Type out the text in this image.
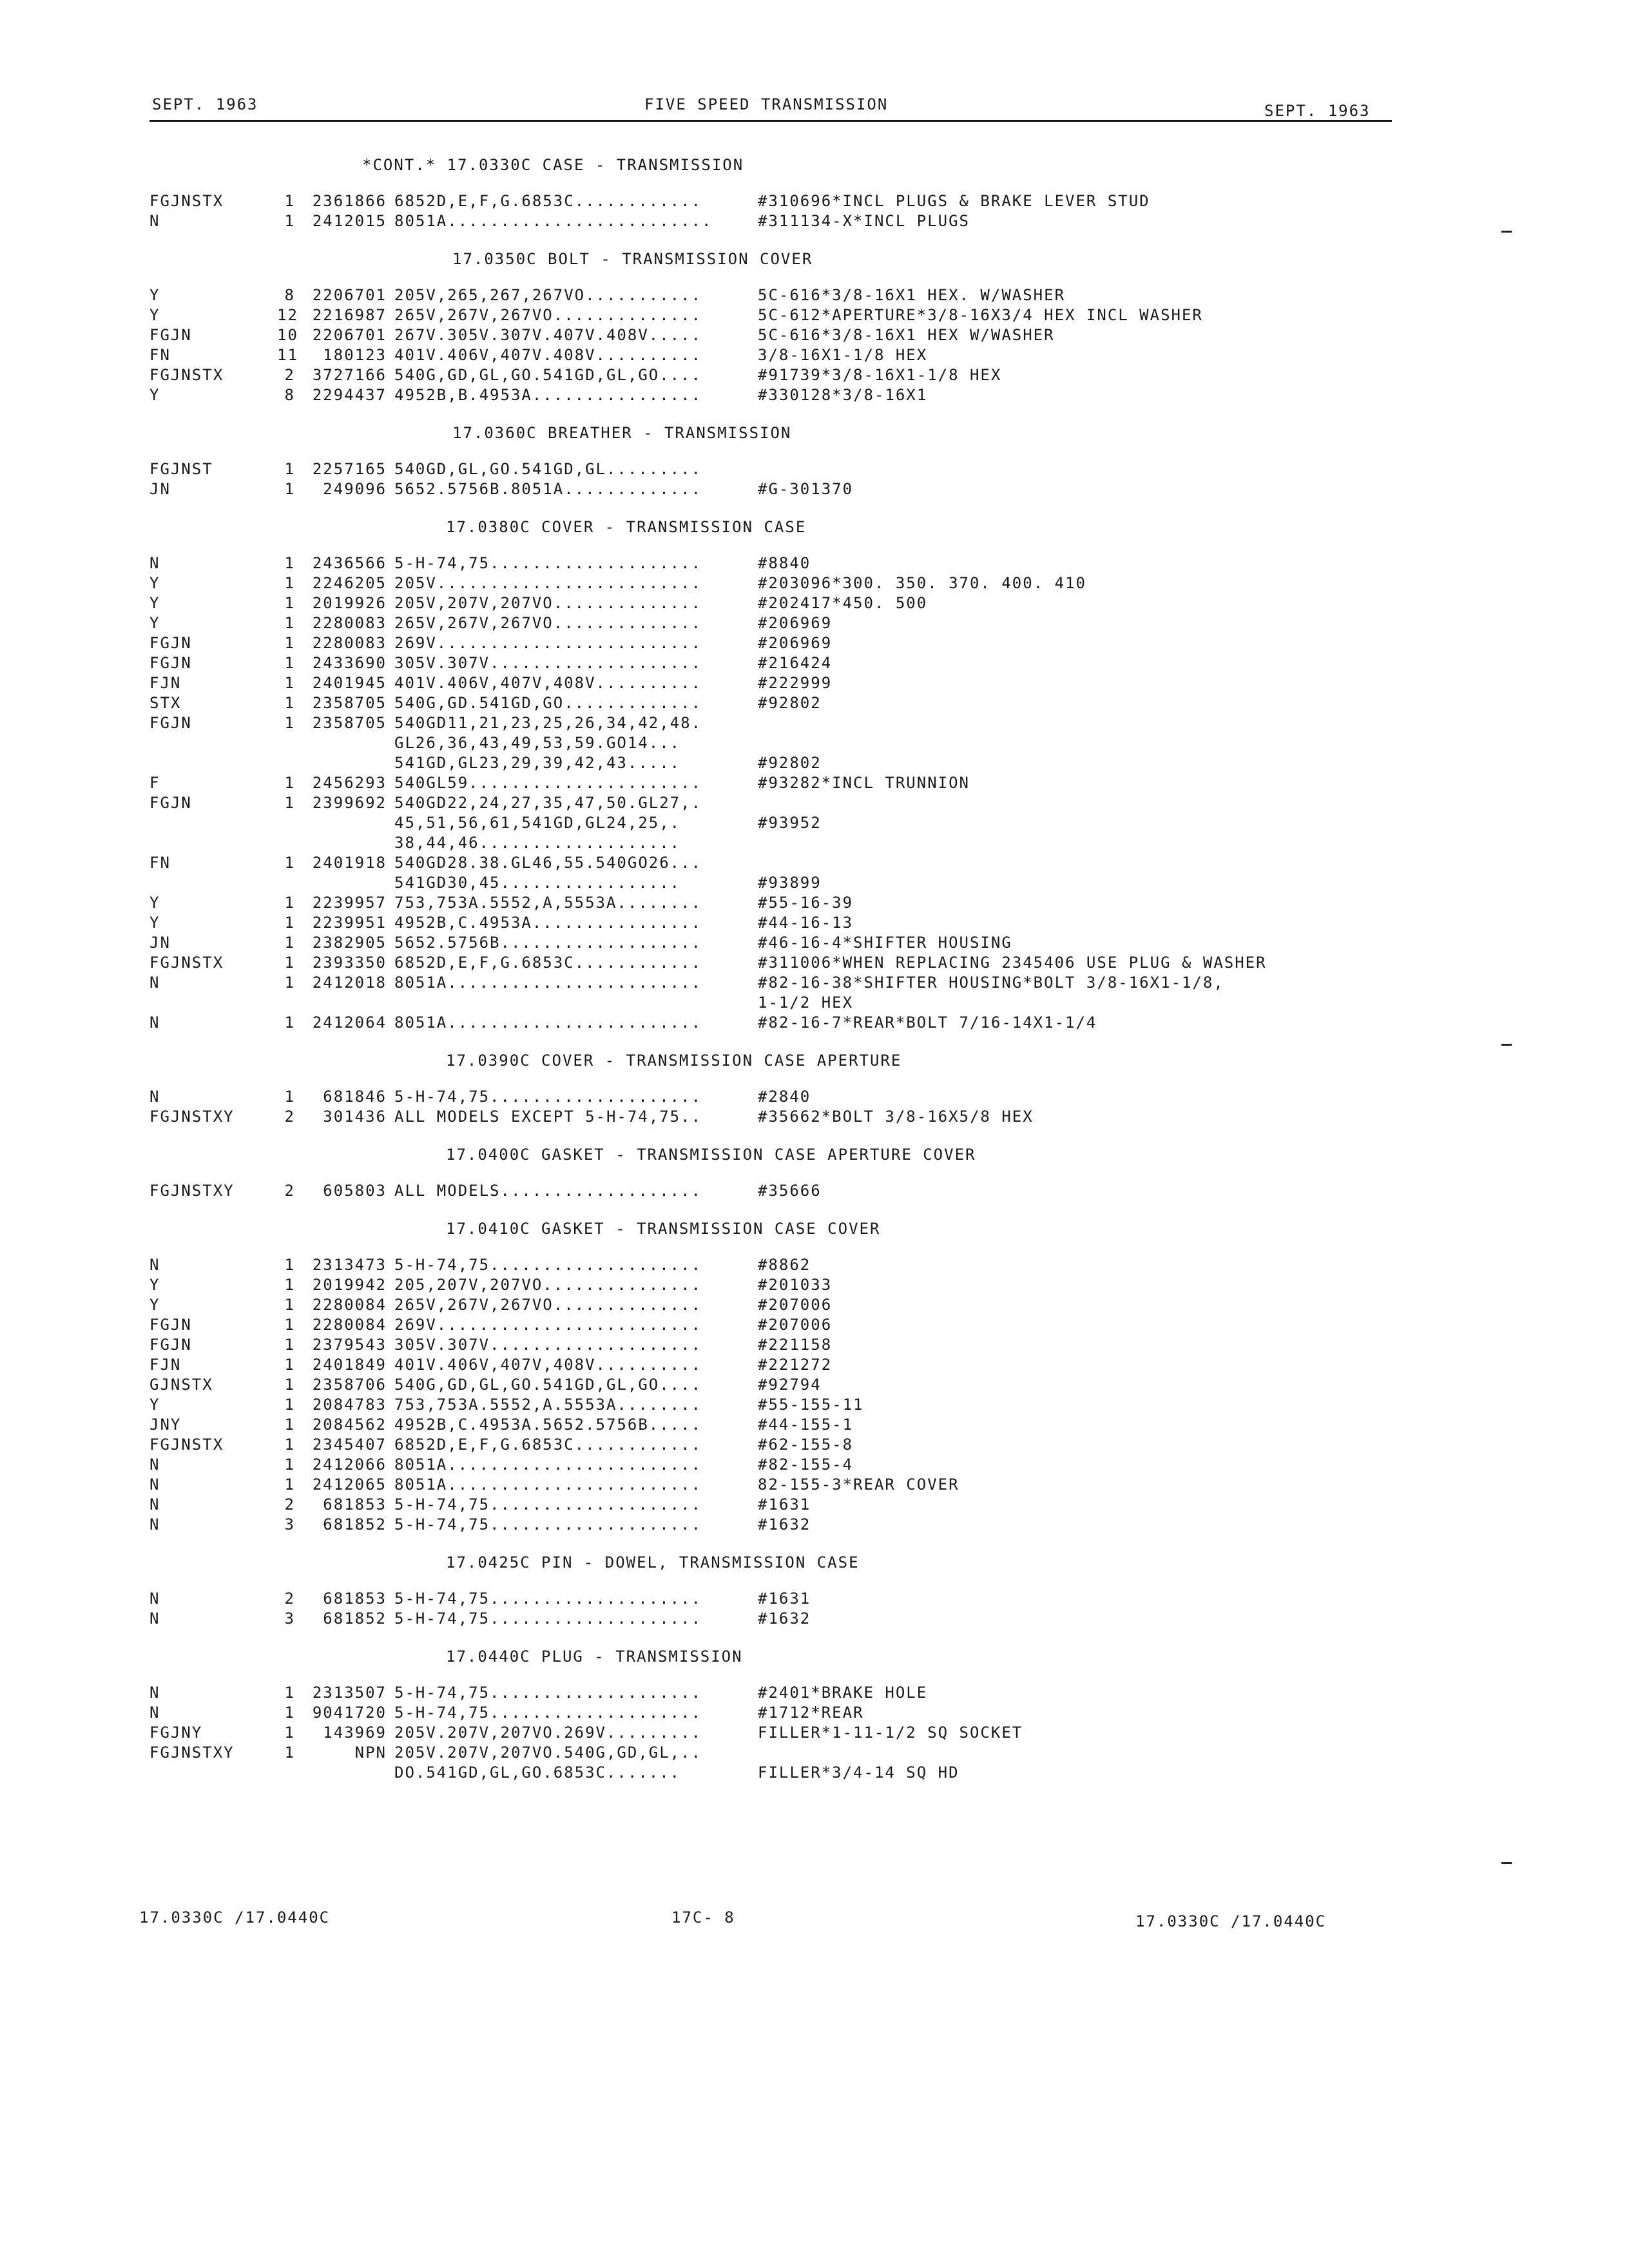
SEPT. 1963	FIVE SPEED TRANSMISSION	SEPT. 1963
*CONT.* 17.0330C CASE - TRANSMISSION
FGJNSTX	1	2361866 6852D,E,F,G.6853C............	#310696*INCL PLUGS & BRAKE LEVER STUD
N	1	2412015 8051A.........................	#311134-X*INCL PLUGS
17.0350C BOLT - TRANSMISSION COVER
Y	8	2206701 205V,265,267,267VO...........	5C-616*3/8-16X1 HEX. W/WASHER
Y	12 2216987 265V,267V,267VO..............	5C-612*APERTURE*3/8-16X3/4 HEX INCL WASHER
FGJN	10 2206701 267V.305V.307V.407V.408V.....	5C-616*3/8-16X1 HEX W/WASHER
FN	11	180123 401V.406V,407V.408V..........	3/8-16X1-1/8 HEX
FGJNSTX	2	3727166 540G,GD,GL,GO.541GD,GL,GO....	#91739*3/8-16X1-1/8 HEX
Y	8	2294437 4952B,B.4953A................	#330128*3/8-16X1
17.0360C BREATHER - TRANSMISSION
FGJNST	1	2257165 540GD,GL,GO.541GD,GL.........
JN	1	249096 5652.5756B.8051A.............	#G-301370
17.0380C COVER - TRANSMISSION CASE
N	1	2436566 5-H-74,75....................	#8840
Y	1	2246205 205V.........................	#203096*300. 350. 370. 400. 410
Y	1	2019926 205V,207V,207VO..............	#202417*450. 500
Y	1	2280083 265V,267V,267VO..............	#206969
FGJN	1	2280083 269V.........................	#206969
FGJN	1	2433690 305V.307V....................	#216424
FJN	1	2401945 401V.406V,407V,408V..........	#222999
STX	1	2358705 540G,GD.541GD,GO.............	#92802
FGJN	1	2358705 540GD11,21,23,25,26,34,42,48.
GL26,36,43,49,53,59.GO14...
541GD,GL23,29,39,42,43.....	#92802
F	1	2456293 540GL59......................	#93282*INCL TRUNNION
FGJN	1	2399692 540GD22,24,27,35,47,50.GL27,.
45,51,56,61,541GD,GL24,25,.	#93952
38,44,46...................
FN	1	2401918 540GD28.38.GL46,55.540GO26...
541GD30,45.................	#93899
Y	1	2239957 753,753A.5552,A,5553A........	#55-16-39
Y	1	2239951 4952B,C.4953A................	#44-16-13
JN	1	2382905 5652.5756B...................	#46-16-4*SHIFTER HOUSING
FGJNSTX	1	2393350 6852D,E,F,G.6853C............	#311006*WHEN REPLACING 2345406 USE PLUG & WASHER
N	1	2412018 8051A........................	#82-16-38*SHIFTER HOUSING*BOLT 3/8-16X1-1/8,
1-1/2 HEX
N	1	2412064 8051A........................	#82-16-7*REAR*BOLT 7/16-14X1-1/4
17.0390C COVER - TRANSMISSION CASE APERTURE
N	1	681846 5-H-74,75....................	#2840
FGJNSTXY	2	301436 ALL MODELS EXCEPT 5-H-74,75..	#35662*BOLT 3/8-16X5/8 HEX
17.0400C GASKET - TRANSMISSION CASE APERTURE COVER
FGJNSTXY	2	605803 ALL MODELS...................	#35666
17.0410C GASKET - TRANSMISSION CASE COVER
N	1	2313473 5-H-74,75....................	#8862
Y	1	2019942 205,207V,207VO...............	#201033
Y	1	2280084 265V,267V,267VO..............	#207006
FGJN	1	2280084 269V.........................	#207006
FGJN	1	2379543 305V.307V....................	#221158
FJN	1	2401849 401V.406V,407V,408V..........	#221272
GJNSTX	1	2358706 540G,GD,GL,GO.541GD,GL,GO....	#92794
Y	1	2084783 753,753A.5552,A.5553A........	#55-155-11
JNY	1	2084562 4952B,C.4953A.5652.5756B.....	#44-155-1
FGJNSTX	1	2345407 6852D,E,F,G.6853C............	#62-155-8
N	1	2412066 8051A........................	#82-155-4
N	1	2412065 8051A........................	82-155-3*REAR COVER
N	2	681853 5-H-74,75....................	#1631
N	3	681852 5-H-74,75....................	#1632
17.0425C PIN - DOWEL, TRANSMISSION CASE
N	2	681853 5-H-74,75....................	#1631
N	3	681852 5-H-74,75....................	#1632
17.0440C PLUG - TRANSMISSION
N	1	2313507 5-H-74,75....................	#2401*BRAKE HOLE
N	1	9041720 5-H-74,75....................	#1712*REAR
FGJNY	1	143969 205V.207V,207VO.269V.........	FILLER*1-11-1/2 SQ SOCKET
FGJNSTXY	1	NPN 205V.207V,207VO.540G,GD,GL,..
DO.541GD,GL,GO.6853C.......	FILLER*3/4-14 SQ HD
17.0330C /17.0440C	17C- 8	17.0330C /17.0440C
